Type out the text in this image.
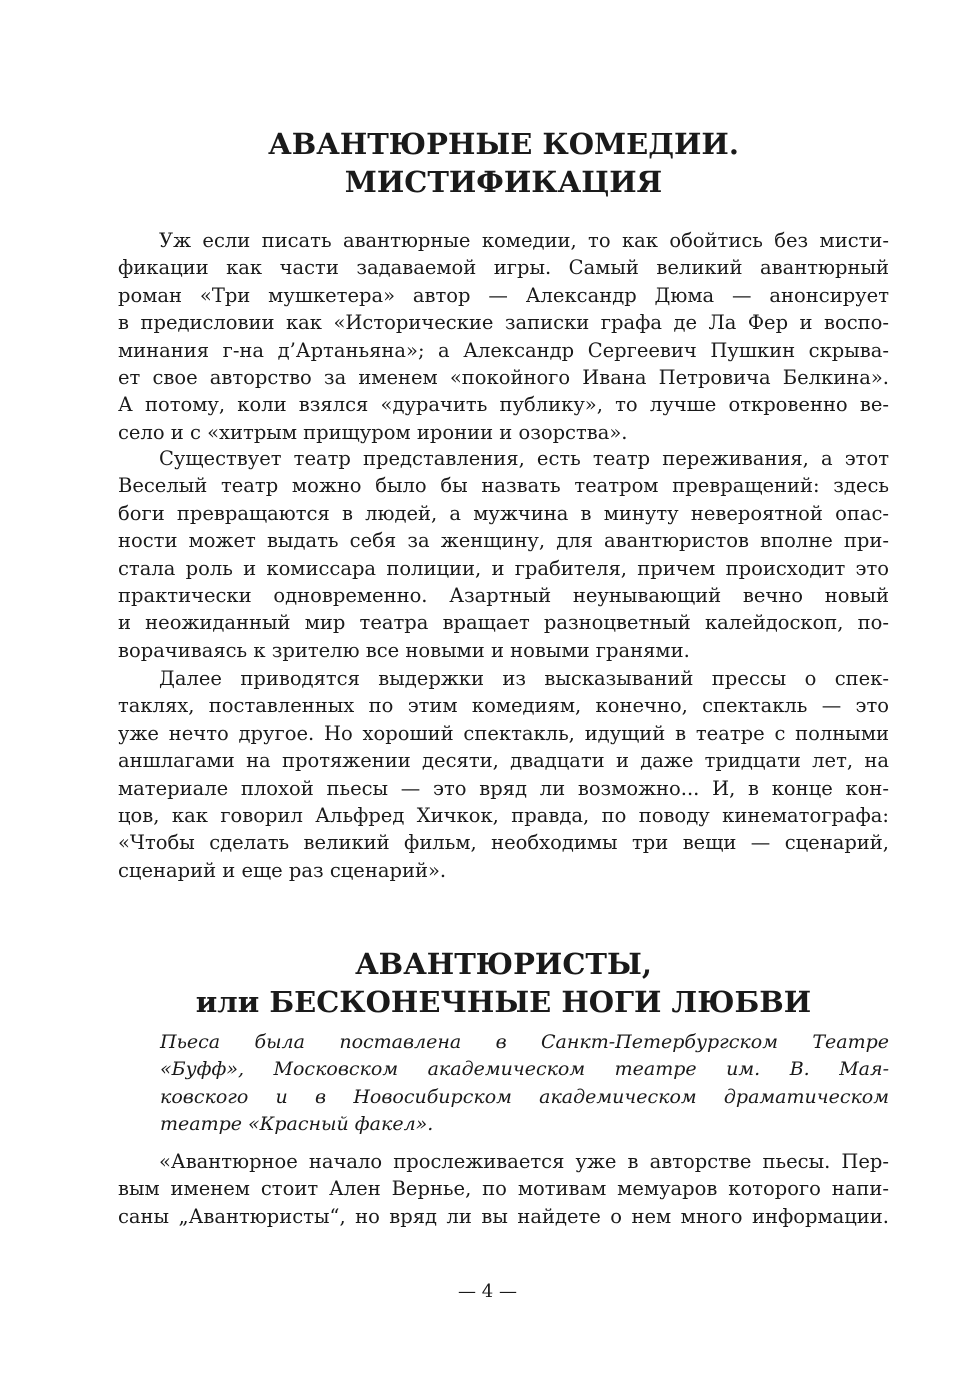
АВАНТЮРНЫЕ КОМЕДИИ.
МИСТИФИКАЦИЯ
Уж если писать авантюрные комедии, то как обойтись без мисти-
фикации как части задаваемой игры. Самый великий авантюрный
роман «Три мушкетера» автор — Александр Дюма — анонсирует
в предисловии как «Исторические записки графа де Ла Фер и воспо-
минания г-на д’Артаньяна»; а Александр Сергеевич Пушкин скрыва-
ет свое авторство за именем «покойного Ивана Петровича Белкина».
А потому, коли взялся «дурачить публику», то лучше откровенно ве-
село и с «хитрым прищуром иронии и озорства».
Существует театр представления, есть театр переживания, а этот
Веселый театр можно было бы назвать театром превращений: здесь
боги превращаются в людей, а мужчина в минуту невероятной опас-
ности может выдать себя за женщину, для авантюристов вполне при-
стала роль и комиссара полиции, и грабителя, причем происходит это
практически одновременно. Азартный неунывающий вечно новый
и неожиданный мир театра вращает разноцветный калейдоскоп, по-
ворачиваясь к зрителю все новыми и новыми гранями.
Далее приводятся выдержки из высказываний прессы о спек-
таклях, поставленных по этим комедиям, конечно, спектакль — это
уже нечто другое. Но хороший спектакль, идущий в театре с полными
аншлагами на протяжении десяти, двадцати и даже тридцати лет, на
материале плохой пьесы — это вряд ли возможно... И, в конце кон-
цов, как говорил Альфред Хичкок, правда, по поводу кинематографа:
«Чтобы сделать великий фильм, необходимы три вещи — сценарий,
сценарий и еще раз сценарий».
АВАНТЮРИСТЫ,
или БЕСКОНЕЧНЫЕ НОГИ ЛЮБВИ
Пьеса была поставлена в Санкт-Петербургском Театре
«Буфф», Московском академическом театре им. В. Мая-
ковского и в Новосибирском академическом драматическом
театре «Красный факел».
«Авантюрное начало прослеживается уже в авторстве пьесы. Пер-
вым именем стоит Ален Вернье, по мотивам мемуаров которого напи-
саны „Авантюристы“, но вряд ли вы найдете о нем много информации.
— 4 —
